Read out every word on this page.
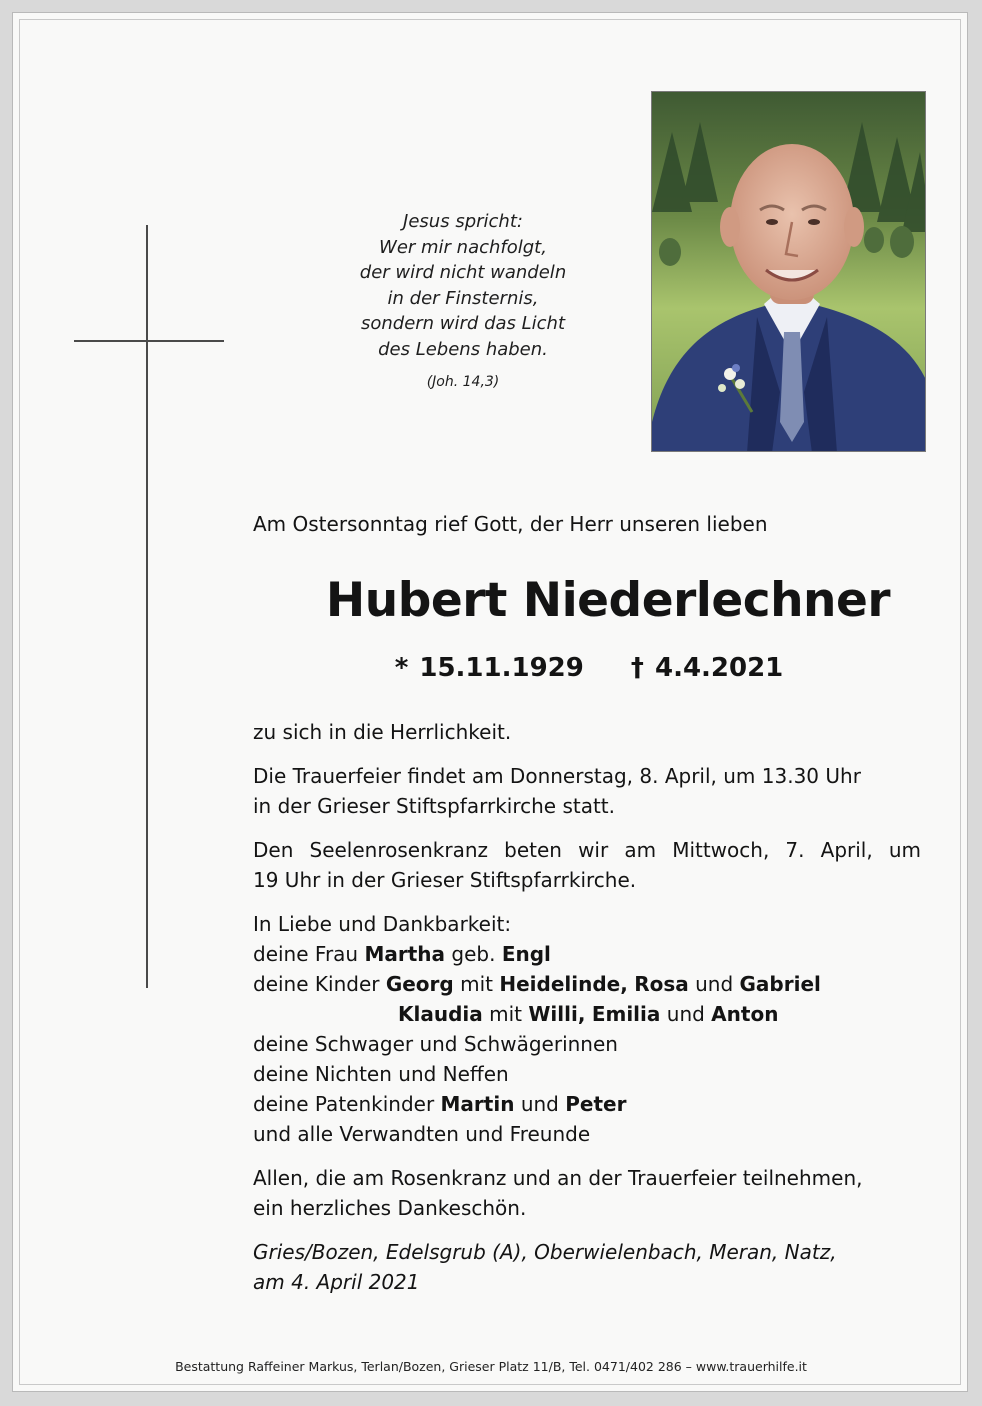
Jesus spricht:
Wer mir nachfolgt,
der wird nicht wandeln
in der Finsternis,
sondern wird das Licht
des Lebens haben.
(Joh. 14,3)
Am Ostersonntag rief Gott, der Herr unseren lieben
Hubert Niederlechner
* 15.11.1929 † 4.4.2021

zu sich in die Herrlichkeit.

Die Trauerfeier findet am Donnerstag, 8. April, um 13.30 Uhr
in der Grieser Stiftspfarrkirche statt.

Den Seelenrosenkranz beten wir am Mittwoch, 7. April, um
19 Uhr in der Grieser Stiftspfarrkirche.

In Liebe und Dankbarkeit:
deine Frau Martha geb. Engl
deine Kinder Georg mit Heidelinde, Rosa und Gabriel
Klaudia mit Willi, Emilia und Anton
deine Schwager und Schwägerinnen
deine Nichten und Neffen
deine Patenkinder Martin und Peter
und alle Verwandten und Freunde

Allen, die am Rosenkranz und an der Trauerfeier teilnehmen,
ein herzliches Dankeschön.

Gries/Bozen, Edelsgrub (A), Oberwielenbach, Meran, Natz,
am 4. April 2021

Bestattung Raffeiner Markus, Terlan/Bozen, Grieser Platz 11/B, Tel. 0471/402 286 – www.trauerhilfe.it
